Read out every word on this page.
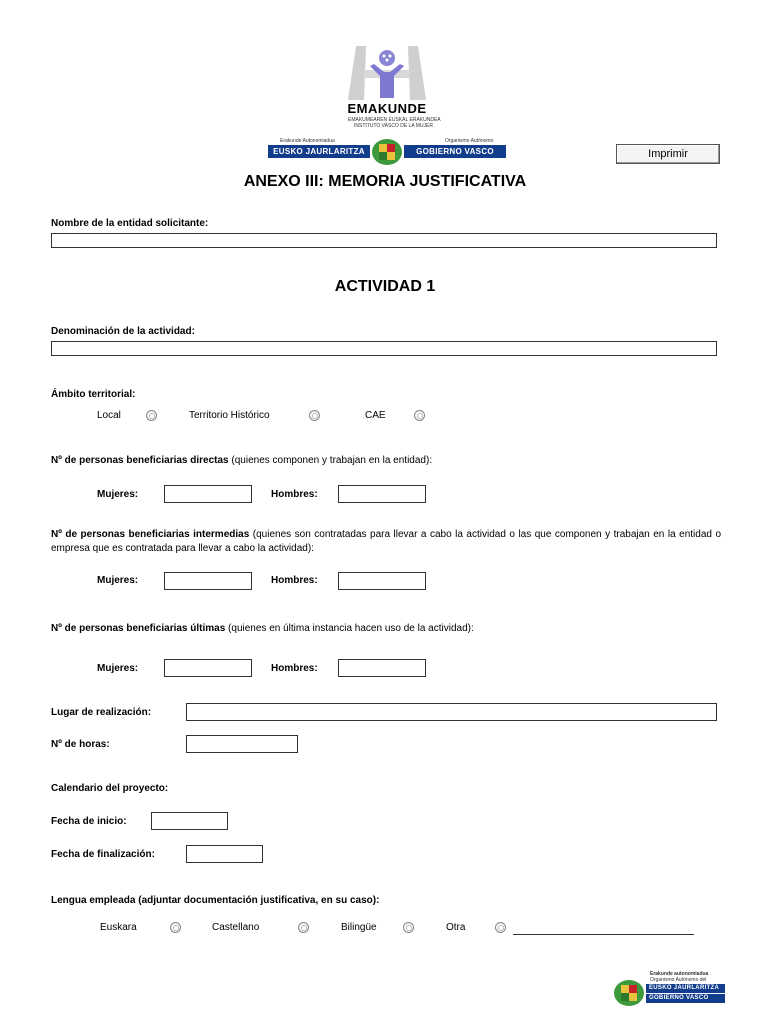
EMAKUNDE
EMAKUMEAREN EUSKAL ERAKUNDEA
INSTITUTO VASCO DE LA MUJER
Erakunde Autonomiadua
EUSKO JAURLARITZA
Organismo Autónomo
GOBIERNO VASCO	Imprimir
ANEXO III: MEMORIA JUSTIFICATIVA
Nombre de la entidad solicitante:
ACTIVIDAD 1
Denominación de la actividad:
Ámbito territorial:
Local	Territorio Histórico	CAE
Nº de personas beneficiarias directas (quienes componen y trabajan en la entidad):
Mujeres:	Hombres:
Nº de personas beneficiarias intermedias (quienes son contratadas para llevar a cabo la actividad o las que componen y trabajan en la entidad o empresa que es contratada para llevar a cabo la actividad):
Mujeres:	Hombres:
Nº de personas beneficiarias últimas (quienes en última instancia hacen uso de la actividad):
Mujeres:	Hombres:
Lugar de realización:
Nº de horas:
Calendario del proyecto:
Fecha de inicio:
Fecha de finalización:
Lengua empleada (adjuntar documentación justificativa, en su caso):
Euskara	Castellano	Bilingüe	Otra
Erakunde autonomiadua
Organismo Autónomo del
EUSKO JAURLARITZA
GOBIERNO VASCO
